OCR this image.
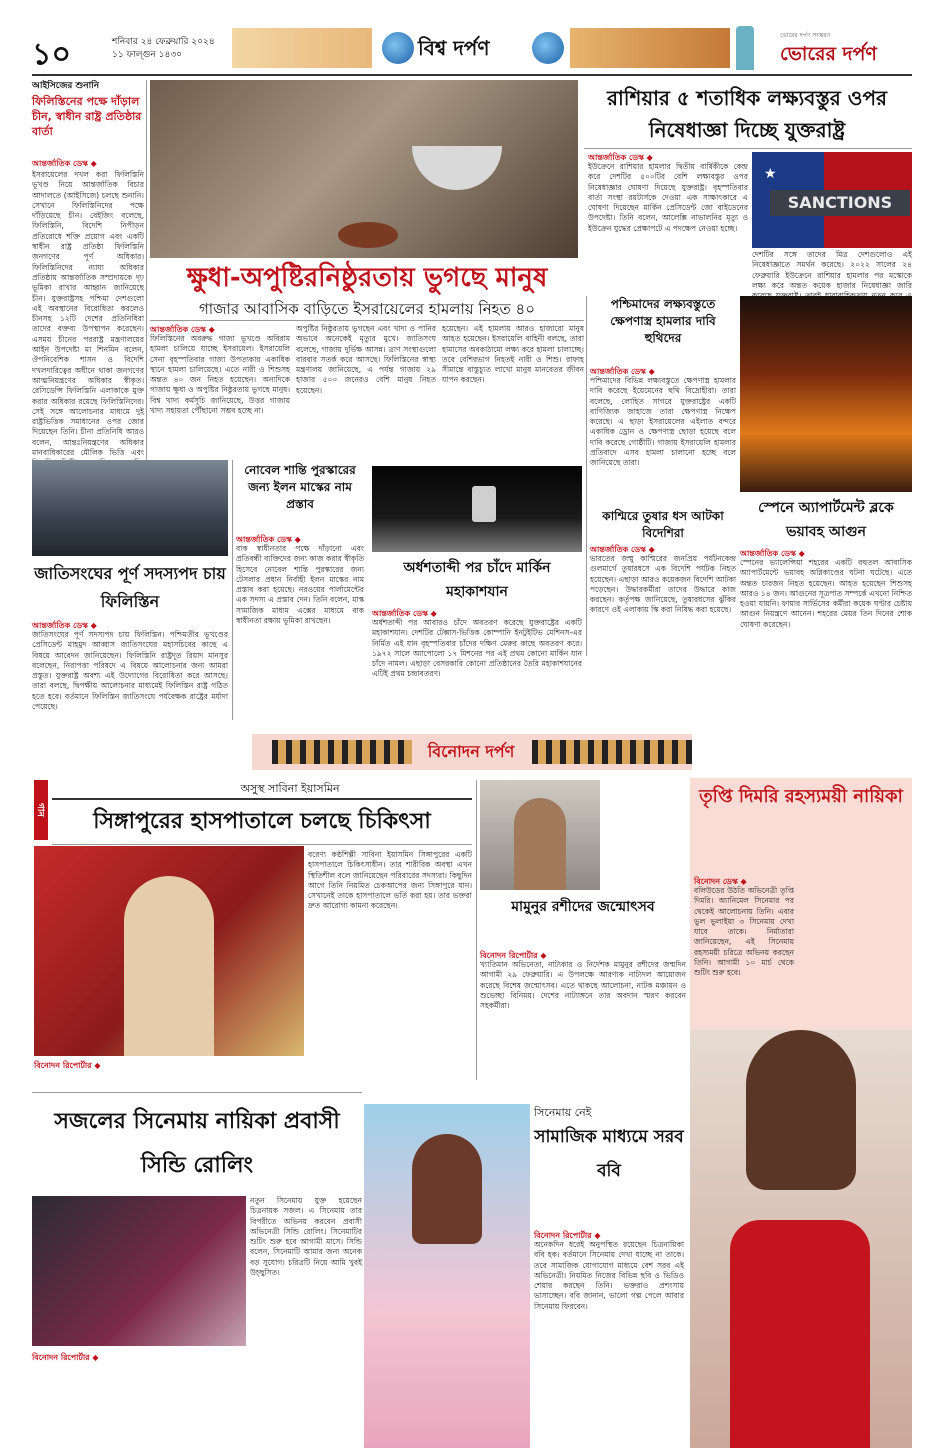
১০	শনিবার ২৪ ফেব্রুয়ারি ২০২৪
১১ ফাল্গুন ১৪৩০	বিশ্ব দর্পণ
ভোরের দর্পণ সংস্করণ
ভোরের দর্পণ
আইসিজের শুনানি
ফিলিস্তিনের পক্ষে দাঁড়াল চীন, স্বাধীন রাষ্ট্র প্রতিষ্ঠার বার্তা
আন্তর্জাতিক ডেস্ক ◆
ইসরায়েলের দখল করা ফিলিস্তিনি ভূখণ্ড নিয়ে আন্তর্জাতিক বিচার আদালতে (আইসিজে) চলছে শুনানি। সেখানে ফিলিস্তিনিদের পক্ষে দাঁড়িয়েছে চীন। বেইজিং বলেছে, ফিলিস্তিনি, বিদেশি নিপীড়ন প্রতিরোধে শক্তি প্রয়োগ এবং একটি স্বাধীন রাষ্ট্র প্রতিষ্ঠা ফিলিস্তিনি জনগণের পূর্ণ অধিকার। ফিলিস্তিনিদের ন্যায্য অধিকার প্রতিষ্ঠায় আন্তর্জাতিক সম্প্রদায়কে দৃঢ় ভূমিকা রাখার আহ্বান জানিয়েছে চীন। যুক্তরাষ্ট্রসহ পশ্চিমা দেশগুলো এই অবস্থানের বিরোধিতা করলেও চীনসহ ১২টি দেশের প্রতিনিধিরা তাদের বক্তব্য উপস্থাপন করেছেন। এসময় চীনের পররাষ্ট্র মন্ত্রণালয়ের আইন উপদেষ্টা মা শিনমিন বলেন, ঔপনিবেশিক শাসন ও বিদেশি দখলদারিত্বের অধীনে থাকা জনগণের আত্মনিয়ন্ত্রণের অধিকার স্বীকৃত। রেসিডেন্সি ফিলিস্তিনি এলাকাকে মুক্ত করার অধিকার রয়েছে ফিলিস্তিনিদের। সেই সঙ্গে আলোচনার মাধ্যমে দুই রাষ্ট্রভিত্তিক সমাধানের ওপর জোর দিয়েছেন তিনি। চীনা প্রতিনিধি আরও বলেন, আন্তঃনিয়ন্ত্রণের অধিকার মানবাধিকারের মৌলিক ভিত্তি এবং
রাশিয়ার ৫ শতাধিক লক্ষ্যবস্তুর ওপর নিষেধাজ্ঞা দিচ্ছে যুক্তরাষ্ট্র
আন্তর্জাতিক ডেস্ক ◆
ইউক্রেনে রাশিয়ার হামলার দ্বিতীয় বার্ষিকীকে কেন্দ্র করে দেশটির ৫০০টির বেশি লক্ষ্যবস্তুর ওপর নিষেধাজ্ঞার ঘোষণা দিয়েছে যুক্তরাষ্ট্র। বৃহস্পতিবার বার্তা সংস্থা রয়টার্সকে দেওয়া এক সাক্ষাৎকারে এ ঘোষণা দিয়েছেন মার্কিন প্রেসিডেন্ট জো বাইডেনের উপদেষ্টা। তিনি বলেন, আলেক্সি নাভালনির মৃত্যু ও ইউক্রেন যুদ্ধের প্রেক্ষাপটে এ পদক্ষেপ নেওয়া হচ্ছে।
★
SANCTIONS
দেশটির সঙ্গে তাদের মিত্র দেশগুলোও এই নিষেধাজ্ঞাতে সমর্থন করেছে। ২০২২ সালের ২৪ ফেব্রুয়ারি ইউক্রেনে রাশিয়ার হামলার পর মস্কোকে লক্ষ্য করে অন্তত কয়েক হাজার নিষেধাজ্ঞা জারি
ক্ষুধা-অপুষ্টিরনিষ্ঠুরতায় ভুগছে মানুষ
গাজার আবাসিক বাড়িতে ইসরায়েলের হামলায় নিহত ৪০
আন্তর্জাতিক ডেস্ক ◆
ফিলিস্তিনের অবরুদ্ধ গাজা ভূখণ্ডে অবিরাম হামলা চালিয়ে যাচ্ছে ইসরায়েল। ইসরায়েলি সেনা বৃহস্পতিবার গাজা উপত্যকার একাধিক স্থানে হামলা চালিয়েছে। এতে নারী ও শিশুসহ অন্তত ৪০ জন নিহত হয়েছেন। অন্যদিকে গাজায় ক্ষুধা ও অপুষ্টির নিষ্ঠুরতায় ভুগছে মানুষ। বিশ্ব খাদ্য কর্মসূচি জানিয়েছে, উত্তর গাজায় খাদ্য সহায়তা পৌঁছানো সম্ভব হচ্ছে না।
অপুষ্টির নিষ্ঠুরতায় ভুগছেন এবং খাদ্য ও পানির অভাবে অনেকেই মৃত্যুর মুখে। জাতিসংঘ বলেছে, গাজায় দুর্ভিক্ষ আসন্ন। ত্রাণ সংস্থাগুলো বারবার সতর্ক করে আসছে। ফিলিস্তিনের স্বাস্থ্য মন্ত্রণালয় জানিয়েছে, এ পর্যন্ত গাজায় ২৯ হাজার ৫০০ জনেরও বেশি মানুষ নিহত হয়েছেন।
হয়েছেন। এই হামলায় আরও হাজারো মানুষ আহত হয়েছেন। ইসরায়েলি বাহিনী বলছে, তারা হামাসের অবকাঠামো লক্ষ্য করে হামলা চালাচ্ছে। তবে বেশিরভাগ নিহতই নারী ও শিশু। রাফাহ সীমান্তে বাস্তুচ্যুত লাখো মানুষ মানবেতর জীবন যাপন করছেন।
পশ্চিমাদের লক্ষ্যবস্তুতে ক্ষেপণাস্ত্র হামলার দাবি হুথিদের
আন্তর্জাতিক ডেস্ক ◆
পশ্চিমাদের বিভিন্ন লক্ষ্যবস্তুতে ক্ষেপণাস্ত্র হামলার দাবি করেছে ইয়েমেনের হুথি বিদ্রোহীরা। তারা বলেছে, লোহিত সাগরে যুক্তরাষ্ট্রের একটি বাণিজ্যিক জাহাজে তারা ক্ষেপণাস্ত্র নিক্ষেপ করেছে। এ ছাড়া ইসরায়েলের এইলাত বন্দরে একাধিক ড্রোন ও ক্ষেপণাস্ত্র ছোড়া হয়েছে বলে দাবি করেছে গোষ্ঠীটি। গাজায় ইসরায়েলি হামলার প্রতিবাদে এসব হামলা চালানো হচ্ছে বলে জানিয়েছে তারা।
জাতিসংঘের পূর্ণ সদস্যপদ চায় ফিলিস্তিন
আন্তর্জাতিক ডেস্ক ◆
জাতিসংঘের পূর্ণ সদস্যপদ চায় ফিলিস্তিন। পশ্চিমতীর ভূখণ্ডের প্রেসিডেন্ট মাহমুদ আব্বাস জাতিসংঘের মহাসচিবের কাছে এ বিষয়ে আবেদন জানিয়েছেন। ফিলিস্তিনি রাষ্ট্রদূত রিয়াদ মানসুর বলেছেন, নিরাপত্তা পরিষদে এ বিষয়ে আলোচনার জন্য আমরা প্রস্তুত। যুক্তরাষ্ট্র অবশ্য এই উদ্যোগের বিরোধিতা করে আসছে। তারা বলছে, দ্বিপক্ষীয় আলোচনার মাধ্যমেই ফিলিস্তিন রাষ্ট্র গঠিত হতে হবে। বর্তমানে ফিলিস্তিন জাতিসংঘে পর্যবেক্ষক রাষ্ট্রের মর্যাদা পেয়েছে।
নোবেল শান্তি পুরস্কারের জন্য ইলন মাস্কের নাম প্রস্তাব
আন্তর্জাতিক ডেস্ক ◆
বাক স্বাধীনতার পক্ষে দাঁড়ানো এবং প্রতিবন্ধী ব্যক্তিদের জন্য কাজ করার স্বীকৃতি হিসেবে নোবেল শান্তি পুরস্কারের জন্য টেসলার প্রধান নির্বাহী ইলন মাস্কের নাম প্রস্তাব করা হয়েছে। নরওয়ের পার্লামেন্টের এক সদস্য এ প্রস্তাব দেন। তিনি বলেন, মাস্ক সামাজিক মাধ্যম এক্সের মাধ্যমে বাক স্বাধীনতা রক্ষায় ভূমিকা রাখছেন।
অর্ধশতাব্দী পর চাঁদে মার্কিন মহাকাশযান
আন্তর্জাতিক ডেস্ক ◆
অর্ধশতাব্দী পর আবারও চাঁদে অবতরণ করেছে যুক্তরাষ্ট্রের একটি মহাকাশযান। দেশটির টেক্সাস-ভিত্তিক কোম্পানি ইনটুইটিভ মেশিনস-এর নির্মিত এই যান বৃহস্পতিবার চাঁদের দক্ষিণ মেরুর কাছে অবতরণ করে। ১৯৭২ সালে অ্যাপোলো ১৭ মিশনের পর এই প্রথম কোনো মার্কিন যান চাঁদে নামল। এছাড়া বেসরকারি কোনো প্রতিষ্ঠানের তৈরি মহাকাশযানের এটিই প্রথম চন্দ্রাবতরণ।
কাশ্মিরে তুষার ধস আটকা বিদেশিরা
আন্তর্জাতিক ডেস্ক ◆
ভারতের জম্মু কাশ্মিরের জনপ্রিয় পর্যটনকেন্দ্র গুলমার্গে তুষারধসে এক বিদেশি পর্যটক নিহত হয়েছেন। এছাড়া আরও কয়েকজন বিদেশি আটকা পড়েছেন। উদ্ধারকর্মীরা তাদের উদ্ধারে কাজ করছেন। কর্তৃপক্ষ জানিয়েছে, তুষারধসের ঝুঁকির কারণে ওই এলাকায় স্কি করা নিষিদ্ধ করা হয়েছে।
স্পেনে অ্যাপার্টমেন্ট ব্লকে ভয়াবহ আগুন
আন্তর্জাতিক ডেস্ক ◆
স্পেনের ভ্যালেন্সিয়া শহরের একটি বহুতল আবাসিক অ্যাপার্টমেন্টে ভয়াবহ অগ্নিকাণ্ডের ঘটনা ঘটেছে। এতে অন্তত চারজন নিহত হয়েছেন। আহত হয়েছেন শিশুসহ আরও ১৪ জন। আগুনের সূত্রপাত সম্পর্কে এখনো নিশ্চিত হওয়া যায়নি। ফায়ার সার্ভিসের কর্মীরা কয়েক ঘণ্টার চেষ্টায় আগুন নিয়ন্ত্রণে আনেন। শহরের মেয়র তিন দিনের শোক ঘোষণা করেছেন।
বিনোদন দর্পণ
গান
অসুস্থ সাবিনা ইয়াসমিন
সিঙ্গাপুরের হাসপাতালে চলছে চিকিৎসা
বরেণ্য কণ্ঠশিল্পী সাবিনা ইয়াসমিন সিঙ্গাপুরের একটি হাসপাতালে চিকিৎসাধীন। তার শারীরিক অবস্থা এখন স্থিতিশীল বলে জানিয়েছেন পরিবারের সদস্যরা। কিছুদিন আগে তিনি নিয়মিত চেকআপের জন্য সিঙ্গাপুরে যান। সেখানেই তাকে হাসপাতালে ভর্তি করা হয়। তার ভক্তরা দ্রুত আরোগ্য কামনা করেছেন।
বিনোদন রিপোর্টার ◆
মামুনুর রশীদের জন্মোৎসব
বিনোদন রিপোর্টার ◆
খ্যাতিমান অভিনেতা, নাট্যকার ও নির্দেশক মামুনুর রশীদের জন্মদিন আগামী ২৯ ফেব্রুয়ারি। এ উপলক্ষে আরণ্যক নাট্যদল আয়োজন করেছে বিশেষ জন্মোৎসব। এতে থাকছে আলোচনা, নাটক মঞ্চায়ন ও শুভেচ্ছা বিনিময়। দেশের নাট্যাঙ্গনে তার অবদান স্মরণ করবেন সহকর্মীরা।
তৃপ্তি দিমরি রহস্যময়ী নায়িকা
বিনোদন ডেস্ক ◆
বলিউডের উঠতি অভিনেত্রী তৃপ্তি দিমরি। অ্যানিমেল সিনেমার পর থেকেই আলোচনায় তিনি। এবার ভুল ভুলাইয়া ৩ সিনেমায় দেখা যাবে তাকে। নির্মাতারা জানিয়েছেন, এই সিনেমায় রহস্যময়ী চরিত্রে অভিনয় করছেন তিনি। আগামী ১০ মার্চ থেকে শুটিং শুরু হবে।
সজলের সিনেমায় নায়িকা প্রবাসী সিন্ডি রোলিং
নতুন সিনেমায় যুক্ত হয়েছেন চিত্রনায়ক সজল। এ সিনেমায় তার বিপরীতে অভিনয় করবেন প্রবাসী অভিনেত্রী সিন্ডি রোলিং। সিনেমাটির শুটিং শুরু হবে আগামী মাসে। সিন্ডি বলেন, সিনেমাটি আমার জন্য অনেক বড় সুযোগ। চরিত্রটি নিয়ে আমি খুবই উচ্ছ্বসিত।
বিনোদন রিপোর্টার ◆
সিনেমায় নেই
সামাজিক মাধ্যমে সরব ববি
বিনোদন রিপোর্টার ◆
অনেকদিন ধরেই অনুপস্থিত রয়েছেন চিত্রনায়িকা ববি হক। বর্তমানে সিনেমায় দেখা যাচ্ছে না তাকে। তবে সামাজিক যোগাযোগ মাধ্যমে বেশ সরব এই অভিনেত্রী। নিয়মিত নিজের বিভিন্ন ছবি ও ভিডিও শেয়ার করছেন তিনি। ভক্তরাও প্রশংসায় ভাসাচ্ছেন। ববি জানান, ভালো গল্প পেলে আবার সিনেমায় ফিরবেন।
